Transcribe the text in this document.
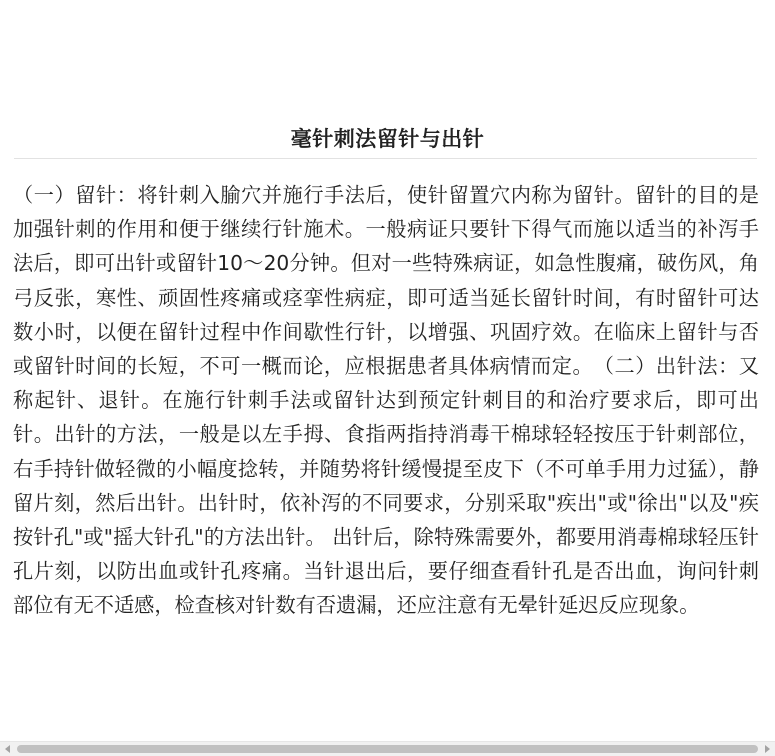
毫针刺法留针与出针

（一）留针：将针刺入腧穴并施行手法后，使针留置穴内称为留针。留针的目的是加强针刺的作用和便于继续行针施术。一般病证只要针下得气而施以适当的补泻手法后，即可出针或留针10～20分钟。但对一些特殊病证，如急性腹痛，破伤风，角弓反张，寒性、顽固性疼痛或痉挛性病症，即可适当延长留针时间，有时留针可达数小时，以便在留针过程中作间歇性行针，以增强、巩固疗效。在临床上留针与否或留针时间的长短，不可一概而论，应根据患者具体病情而定。　（二）出针法：又称起针、退针。在施行针刺手法或留针达到预定针刺目的和治疗要求后，即可出针。出针的方法，一般是以左手拇、食指两指持消毒干棉球轻轻按压于针刺部位，右手持针做轻微的小幅度捻转，并随势将针缓慢提至皮下（不可单手用力过猛），静留片刻，然后出针。出针时，依补泻的不同要求，分别采取"疾出"或"徐出"以及"疾按针孔"或"摇大针孔"的方法出针。 出针后，除特殊需要外，都要用消毒棉球轻压针孔片刻，以防出血或针孔疼痛。当针退出后，要仔细查看针孔是否出血，询问针刺部位有无不适感，检查核对针数有否遗漏，还应注意有无晕针延迟反应现象。
